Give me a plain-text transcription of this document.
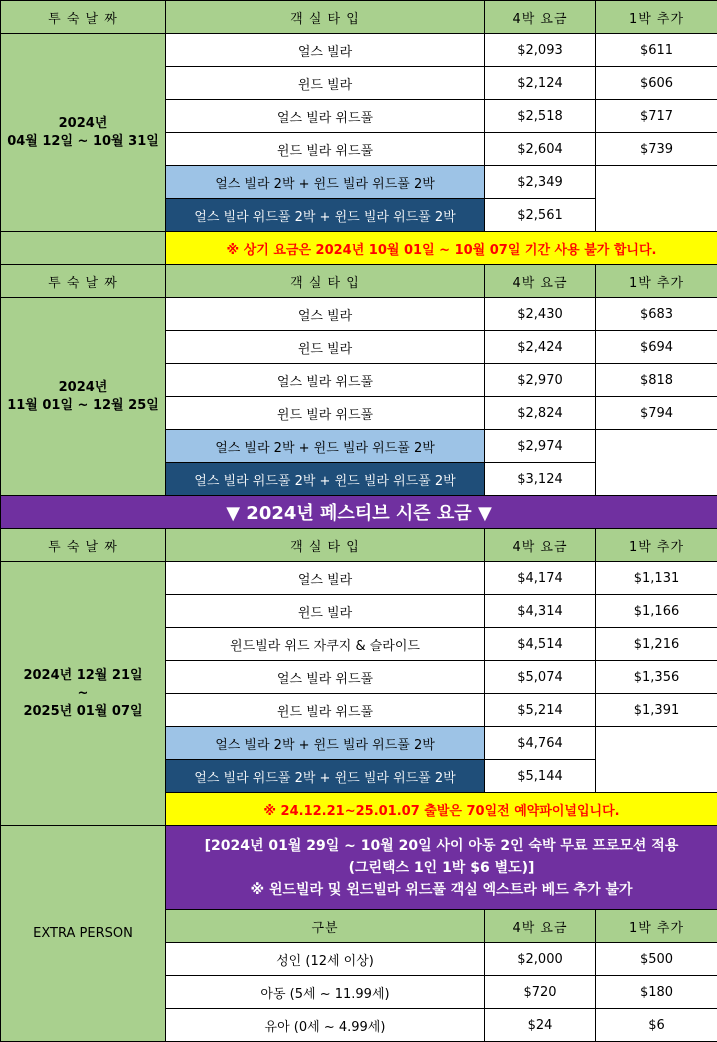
투 숙 날 짜	객 실 타 입	4박 요금	1박 추가

2024년
04월 12일 ~ 10월 31일	얼스 빌라	$2,093	$611
	윈드 빌라	$2,124	$606
	얼스 빌라 위드풀	$2,518	$717
	윈드 빌라 위드풀	$2,604	$739
	얼스 빌라 2박 + 윈드 빌라 위드풀 2박	$2,349	
	얼스 빌라 위드풀 2박 + 윈드 빌라 위드풀 2박	$2,561	
	※ 상기 요금은 2024년 10월 01일 ~ 10월 07일 기간 사용 불가 합니다.		
투 숙 날 짜	객 실 타 입	4박 요금	1박 추가

2024년
11월 01일 ~ 12월 25일	얼스 빌라	$2,430	$683
	윈드 빌라	$2,424	$694
	얼스 빌라 위드풀	$2,970	$818
	윈드 빌라 위드풀	$2,824	$794
	얼스 빌라 2박 + 윈드 빌라 위드풀 2박	$2,974	
	얼스 빌라 위드풀 2박 + 윈드 빌라 위드풀 2박	$3,124	
▼ 2024년 페스티브 시즌 요금 ▼			
투 숙 날 짜	객 실 타 입	4박 요금	1박 추가

2024년 12월 21일
~
2025년 01월 07일	얼스 빌라	$4,174	$1,131
	윈드 빌라	$4,314	$1,166
	윈드빌라 위드 자쿠지 & 슬라이드	$4,514	$1,216
	얼스 빌라 위드풀	$5,074	$1,356
	윈드 빌라 위드풀	$5,214	$1,391
	얼스 빌라 2박 + 윈드 빌라 위드풀 2박	$4,764	
	얼스 빌라 위드풀 2박 + 윈드 빌라 위드풀 2박	$5,144	
	※ 24.12.21~25.01.07 출발은 70일전 예약파이널입니다.		
EXTRA PERSON	[2024년 01월 29일 ~ 10월 20일 사이 아동 2인 숙박 무료 프로모션 적용
(그린택스 1인 1박 $6 별도)]
※ 윈드빌라 및 윈드빌라 위드풀 객실 엑스트라 베드 추가 불가		

	구분	4박 요금	1박 추가
	성인 (12세 이상)	$2,000	$500
	아동 (5세 ~ 11.99세)	$720	$180
	유아 (0세 ~ 4.99세)	$24	$6
